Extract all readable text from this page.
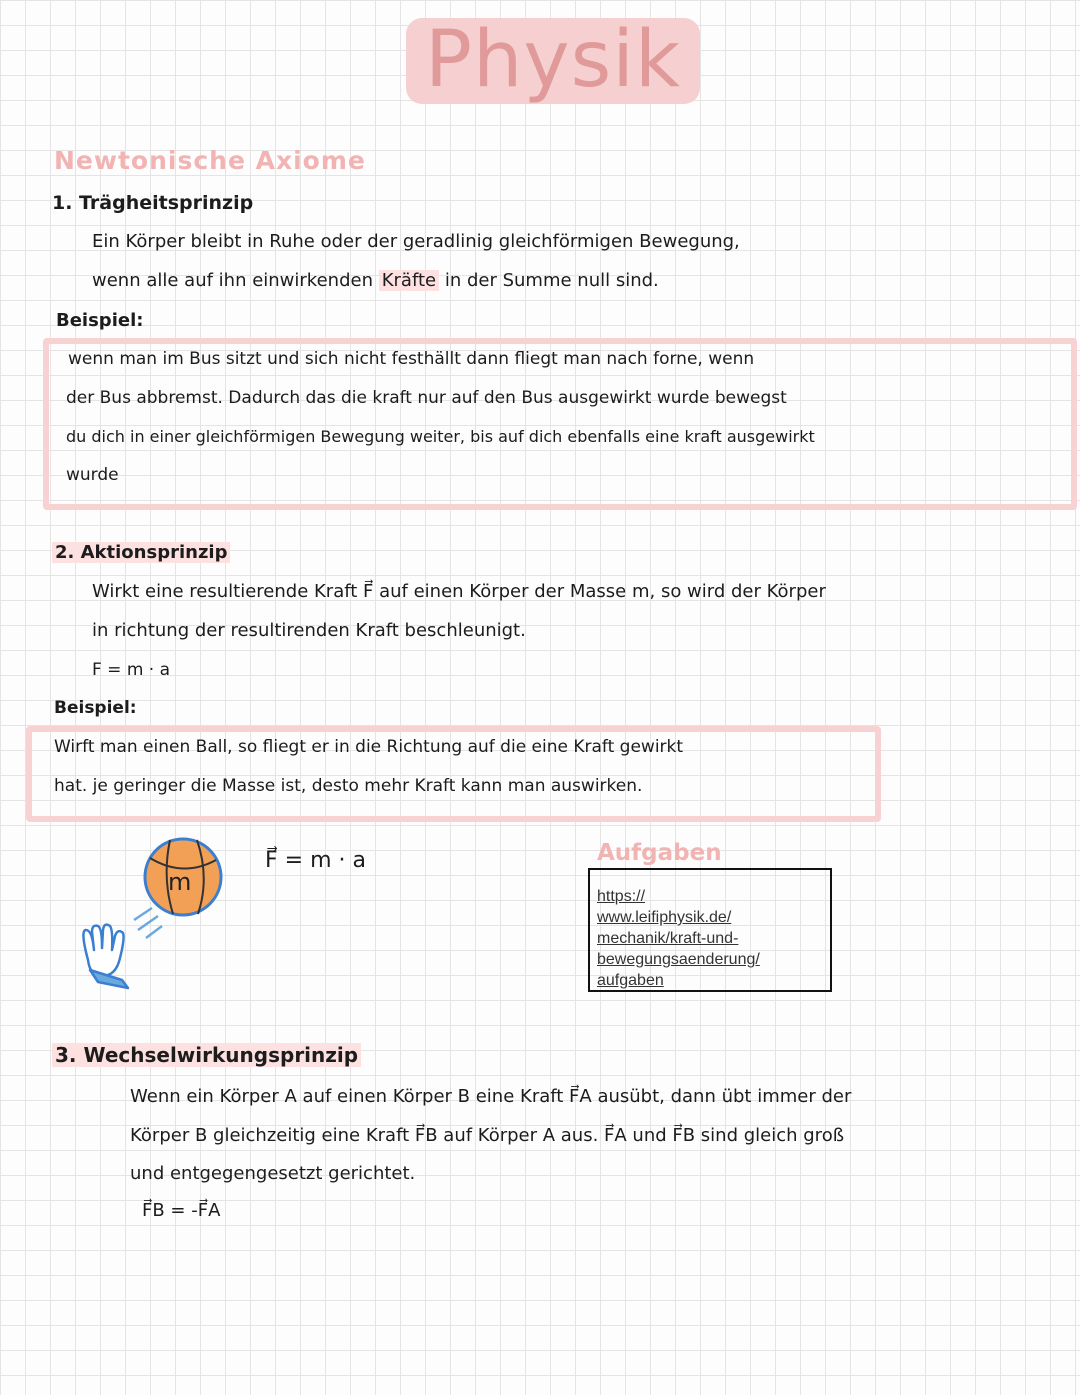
Physik
Newtonische Axiome
1. Trägheitsprinzip
Ein Körper bleibt in Ruhe oder der geradlinig gleichförmigen Bewegung,
wenn alle auf ihn einwirkenden Kräfte in der Summe null sind.
Beispiel:
wenn man im Bus sitzt und sich nicht festhällt dann fliegt man nach forne, wenn
der Bus abbremst. Dadurch das die kraft nur auf den Bus ausgewirkt wurde bewegst
du dich in einer gleichförmigen Bewegung weiter, bis auf dich ebenfalls eine kraft ausgewirkt
wurde
2. Aktionsprinzip
Wirkt eine resultierende Kraft F⃗ auf einen Körper der Masse m, so wird der Körper
in richtung der resultirenden Kraft beschleunigt.
F = m · a
Beispiel:
Wirft man einen Ball, so fliegt er in die Richtung auf die eine Kraft gewirkt
hat. je geringer die Masse ist, desto mehr Kraft kann man auswirken.
m
F⃗ = m · a	Aufgaben
https://
www.leifiphysik.de/
mechanik/kraft-und-
bewegungsaenderung/
aufgaben
3. Wechselwirkungsprinzip
Wenn ein Körper A auf einen Körper B eine Kraft F⃗A ausübt, dann übt immer der
Körper B gleichzeitig eine Kraft F⃗B auf Körper A aus. F⃗A und F⃗B sind gleich groß
und entgegengesetzt gerichtet.
F⃗B = -F⃗A
